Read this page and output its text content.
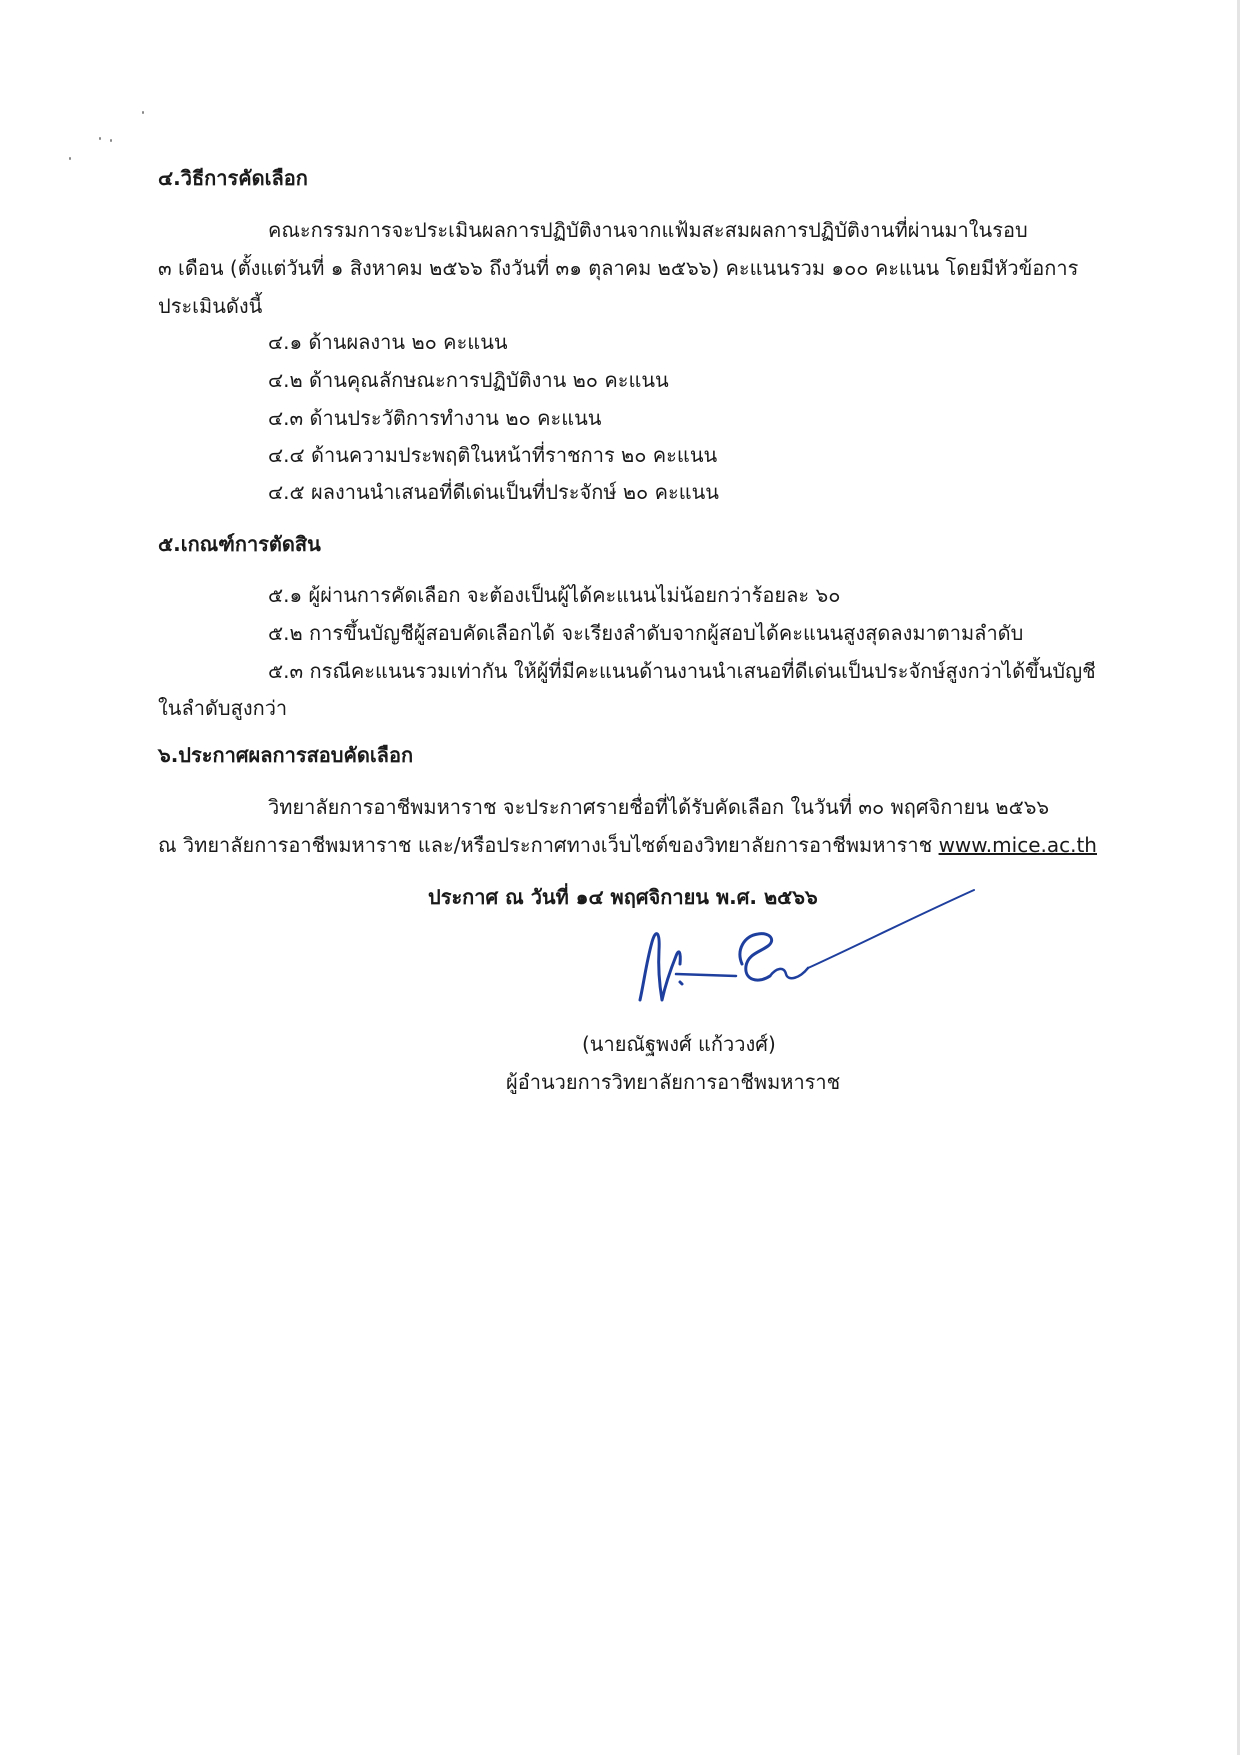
๔.วิธีการคัดเลือก
คณะกรรมการจะประเมินผลการปฏิบัติงานจากแฟ้มสะสมผลการปฏิบัติงานที่ผ่านมาในรอบ
๓ เดือน (ตั้งแต่วันที่ ๑ สิงหาคม ๒๕๖๖ ถึงวันที่ ๓๑ ตุลาคม ๒๕๖๖) คะแนนรวม ๑๐๐ คะแนน โดยมีหัวข้อการ
ประเมินดังนี้
๔.๑ ด้านผลงาน ๒๐ คะแนน
๔.๒ ด้านคุณลักษณะการปฏิบัติงาน ๒๐ คะแนน
๔.๓ ด้านประวัติการทำงาน ๒๐ คะแนน
๔.๔ ด้านความประพฤติในหน้าที่ราชการ ๒๐ คะแนน
๔.๕ ผลงานนำเสนอที่ดีเด่นเป็นที่ประจักษ์ ๒๐ คะแนน
๕.เกณฑ์การตัดสิน
๕.๑ ผู้ผ่านการคัดเลือก จะต้องเป็นผู้ได้คะแนนไม่น้อยกว่าร้อยละ ๖๐
๕.๒ การขึ้นบัญชีผู้สอบคัดเลือกได้ จะเรียงลำดับจากผู้สอบได้คะแนนสูงสุดลงมาตามลำดับ
๕.๓ กรณีคะแนนรวมเท่ากัน ให้ผู้ที่มีคะแนนด้านงานนำเสนอที่ดีเด่นเป็นประจักษ์สูงกว่าได้ขึ้นบัญชี
ในลำดับสูงกว่า
๖.ประกาศผลการสอบคัดเลือก
วิทยาลัยการอาชีพมหาราช จะประกาศรายชื่อที่ได้รับคัดเลือก ในวันที่ ๓๐ พฤศจิกายน ๒๕๖๖
ณ วิทยาลัยการอาชีพมหาราช และ/หรือประกาศทางเว็บไซต์ของวิทยาลัยการอาชีพมหาราช www.mice.ac.th
ประกาศ ณ วันที่ ๑๔ พฤศจิกายน พ.ศ. ๒๕๖๖
(นายณัฐพงศ์ แก้ววงศ์)
ผู้อำนวยการวิทยาลัยการอาชีพมหาราช
